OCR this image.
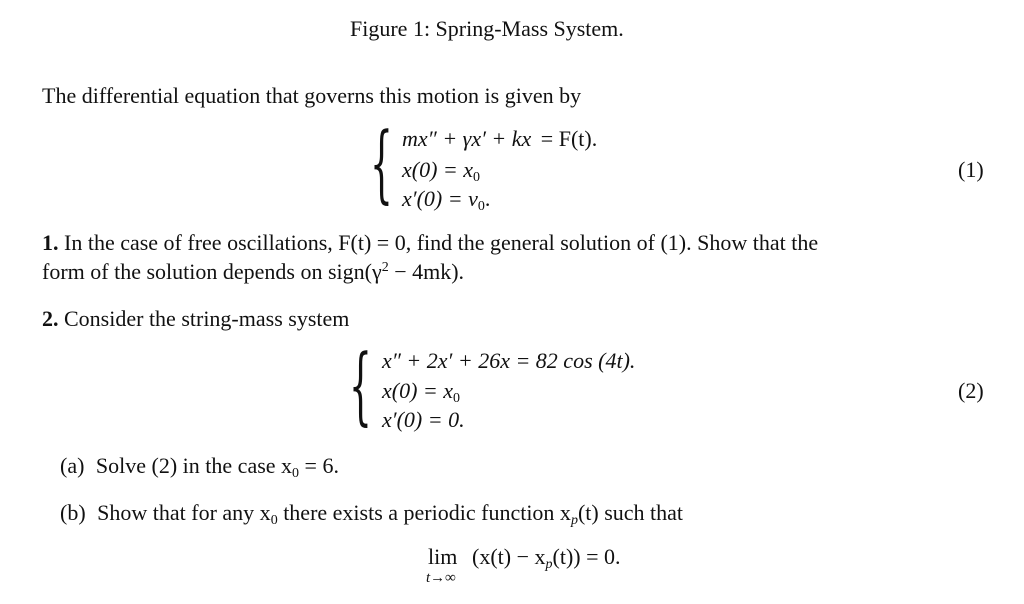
Figure 1: Spring-Mass System.
The differential equation that governs this motion is given by
{ mx″ + γx′ + kx = F(t).
$x(0) = x_0$
$x'(0) = v_0$.
(1)
1. In the case of free oscillations, F(t) = 0, find the general solution of (1). Show that the
form of the solution depends on $sign(\gamma^2 - 4mk)$.
2. Consider the string-mass system
{ x″ + 2x′ + 26x = 82 cos (4t).
$x(0) = x_0$
x′(0) = 0.
(2)
(a) Solve (2) in the case $x_0 = 6$.
(b) Show that for any $x_0$ there exists a periodic function $x_p(t)$ such that
lim
t→∞
$(x(t) - x_p(t)) = 0$.
